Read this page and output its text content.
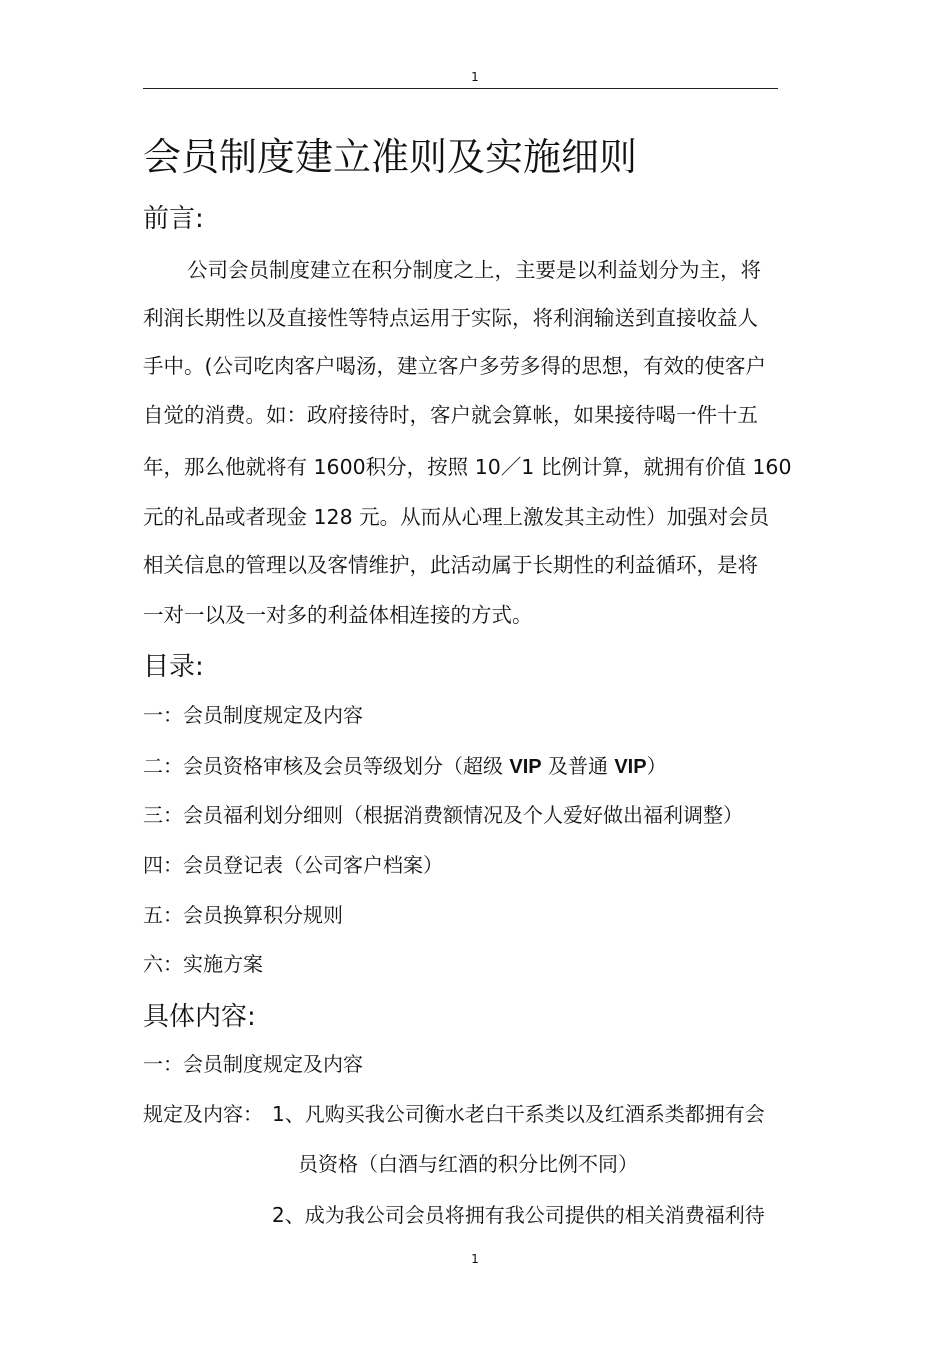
1
会员制度建立准则及实施细则
前言:
公司会员制度建立在积分制度之上，主要是以利益划分为主，将
利润长期性以及直接性等特点运用于实际，将利润输送到直接收益人
手中。(公司吃肉客户喝汤，建立客户多劳多得的思想，有效的使客户
自觉的消费。如：政府接待时，客户就会算帐，如果接待喝一件十五
年，那么他就将有 1600积分，按照 10／1 比例计算，就拥有价值 160
元的礼品或者现金 128 元。从而从心理上激发其主动性）加强对会员
相关信息的管理以及客情维护，此活动属于长期性的利益循环，是将
一对一以及一对多的利益体相连接的方式。
目录:
一：会员制度规定及内容
二：会员资格审核及会员等级划分（超级 VIP 及普通 VIP）
三：会员福利划分细则（根据消费额情况及个人爱好做出福利调整）
四：会员登记表（公司客户档案）
五：会员换算积分规则
六：实施方案
具体内容:
一：会员制度规定及内容
规定及内容： 1、凡购买我公司衡水老白干系类以及红酒系类都拥有会
员资格（白酒与红酒的积分比例不同）
2、成为我公司会员将拥有我公司提供的相关消费福利待
1
